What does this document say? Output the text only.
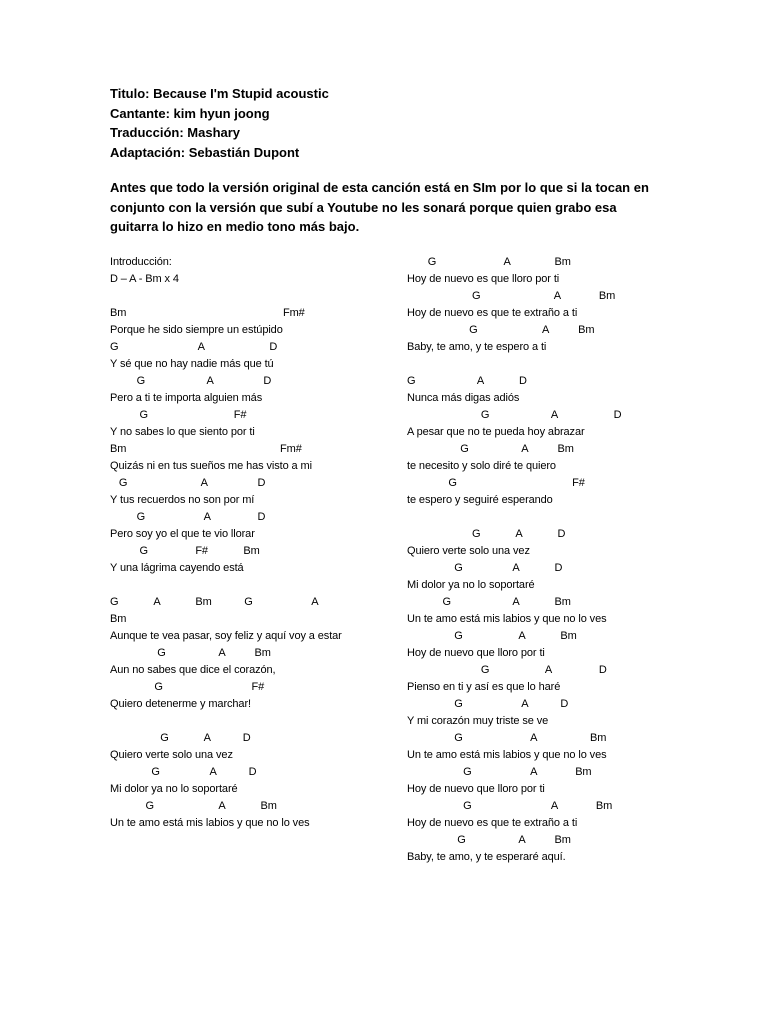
Titulo: Because I'm Stupid acoustic
Cantante: kim hyun joong
Traducción: Mashary
Adaptación: Sebastián Dupont
Antes que todo la versión original de esta canción está en SIm por lo que si la tocan en conjunto con la versión que subí a Youtube no les sonará porque quien grabo esa guitarra lo hizo en medio tono más bajo.
Introducción:
D – A - Bm x 4
Bm                                                     Fm#
Porque he sido siempre un estúpido
G                           A                      D
Y sé que no hay nadie más que tú
G                     A                 D
Pero a ti te importa alguien más
G                             F#
Y no sabes lo que siento por ti
Bm                                                    Fm#
Quizás ni en tus sueños me has visto a mi
G                         A                 D
Y tus recuerdos no son por mí
G                    A                D
Pero soy yo el que te vio llorar
G                F#            Bm
Y una lágrima cayendo está
G            A            Bm           G                    A
Bm
Aunque te vea pasar, soy feliz y aquí voy a estar
G                  A          Bm
Aun no sabes que dice el corazón,
G                              F#
Quiero detenerme y marchar!
G            A           D
Quiero verte solo una vez
G                 A           D
Mi dolor ya no lo soportaré
G                      A            Bm
Un te amo está mis labios y que no lo ves
G                       A               Bm
Hoy de nuevo es que lloro por ti
G                         A             Bm
Hoy de nuevo es que te extraño a ti
G                      A          Bm
Baby, te amo, y te espero a ti
G                     A            D
Nunca más digas adiós
G                     A                   D
A pesar que no te pueda hoy abrazar
G                  A          Bm
te necesito y solo diré te quiero
G                                       F#
te espero y seguiré esperando
G            A            D
Quiero verte solo una vez
G                 A            D
Mi dolor ya no lo soportaré
G                     A            Bm
Un te amo está mis labios y que no lo ves
G                   A            Bm
Hoy de nuevo que lloro por ti
G                   A                D
Pienso en ti y así es que lo haré
G                    A           D
Y mi corazón muy triste se ve
G                       A                  Bm
Un te amo está mis labios y que no lo ves
G                    A             Bm
Hoy de nuevo que lloro por ti
G                           A             Bm
Hoy de nuevo es que te extraño a ti
G                  A          Bm
Baby, te amo, y te esperaré aquí.
